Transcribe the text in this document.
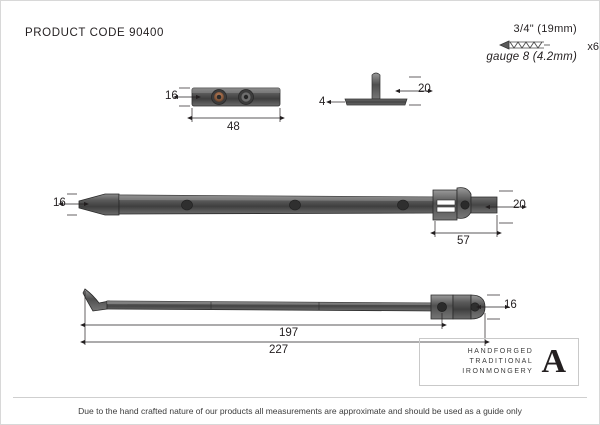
PRODUCT CODE 90400	3/4" (19mm)
gauge 8 (4.2mm)
x6
16
48
20
4
16	20
57
16
197
227	HANDFORGED
TRADITIONAL
IRONMONGERY A
Due to the hand crafted nature of our products all measurements are approximate and should be used as a guide only
